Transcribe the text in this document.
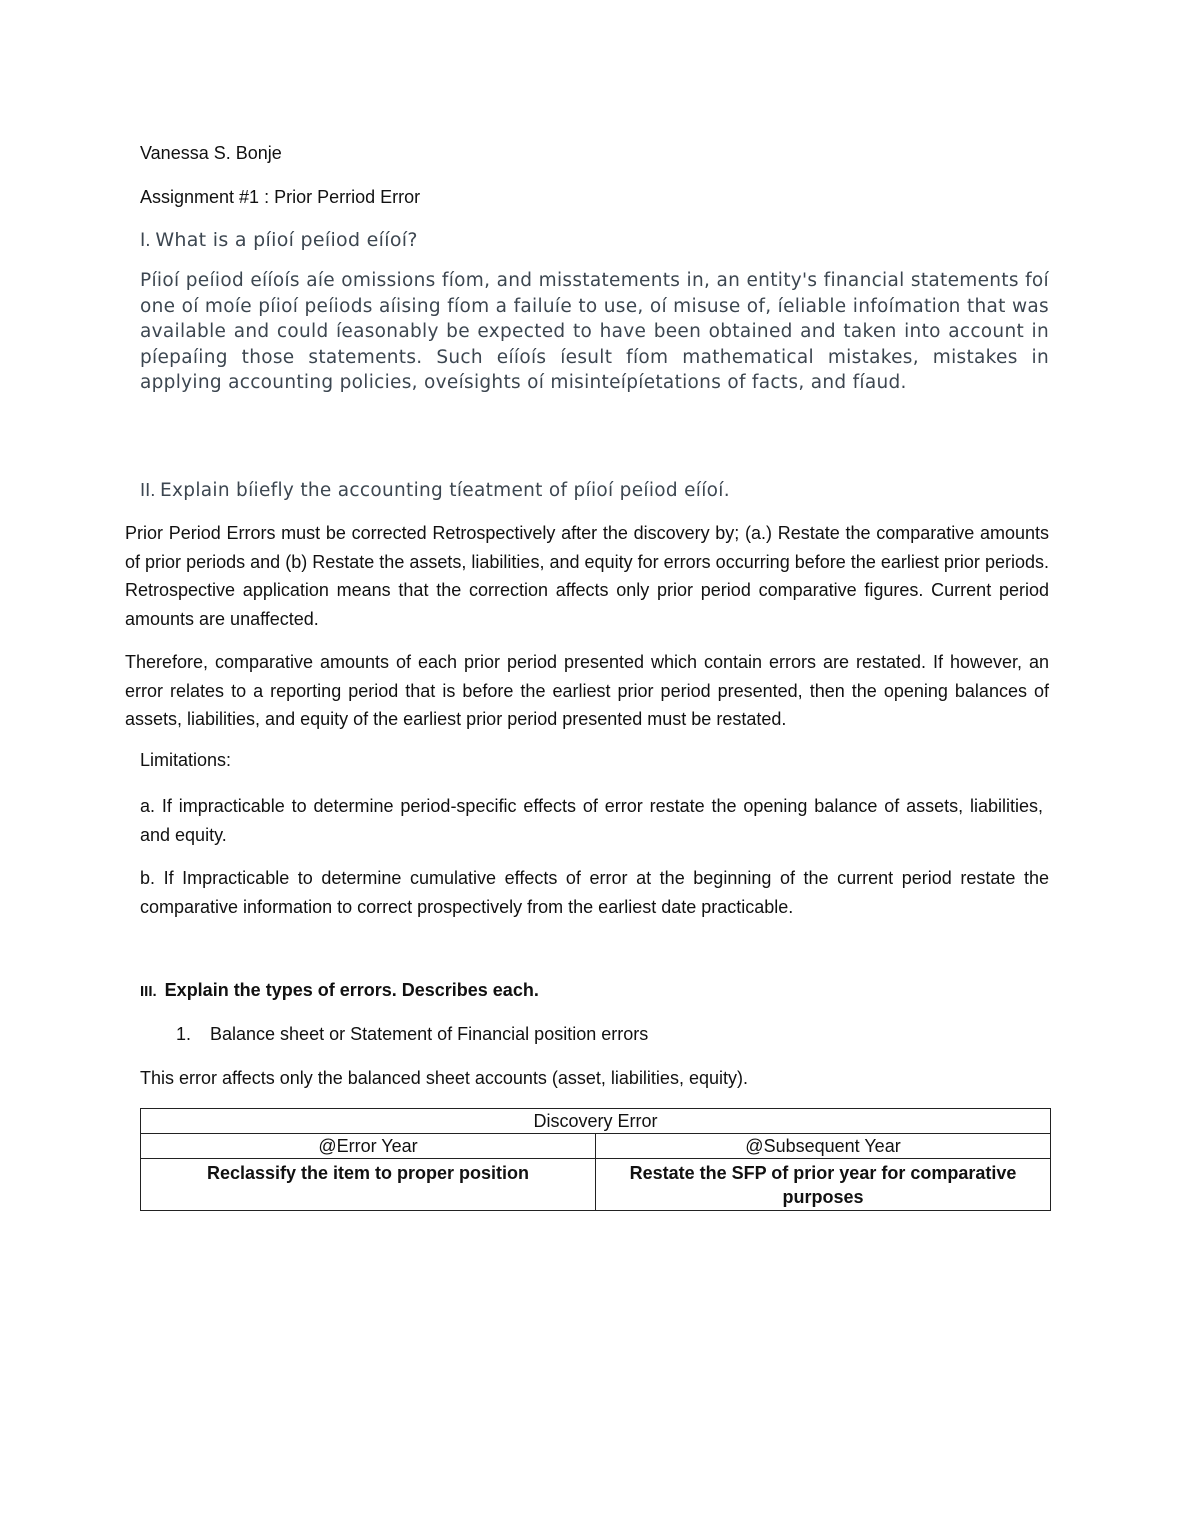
Vanessa S. Bonje
Assignment #1 : Prior Perriod Error
I. What is a píioí peíiod eííoí?
Píioí peíiod eííoís aíe omissions fíom, and misstatements in, an entity's financial statements foí one oí moíe píioí peíiods aíising fíom a failuíe to use, oí misuse of, íeliable infoímation that was available and could íeasonably be expected to have been obtained and taken into account in píepaíing those statements. Such eííoís íesult fíom mathematical mistakes, mistakes in applying accounting policies, oveísights oí misinteípíetations of facts, and fíaud.
II. Explain bíiefly the accounting tíeatment of píioí peíiod eííoí.
Prior Period Errors must be corrected Retrospectively after the discovery by; (a.) Restate the comparative amounts of prior periods and (b) Restate the assets, liabilities, and equity for errors occurring before the earliest prior periods. Retrospective application means that the correction affects only prior period comparative figures. Current period amounts are unaffected.
Therefore, comparative amounts of each prior period presented which contain errors are restated. If however, an error relates to a reporting period that is before the earliest prior period presented, then the opening balances of assets, liabilities, and equity of the earliest prior period presented must be restated.
Limitations:
a. If impracticable to determine period-specific effects of error restate the opening balance of assets, liabilities, and equity.
b. If Impracticable to determine cumulative effects of error at the beginning of the current period restate the comparative information to correct prospectively from the earliest date practicable.
III. Explain the types of errors. Describes each.
1. Balance sheet or Statement of Financial position errors
This error affects only the balanced sheet accounts (asset, liabilities, equity).
Discovery Error	
@Error Year	@Subsequent Year
Reclassify the item to proper position	Restate the SFP of prior year for comparative purposes
